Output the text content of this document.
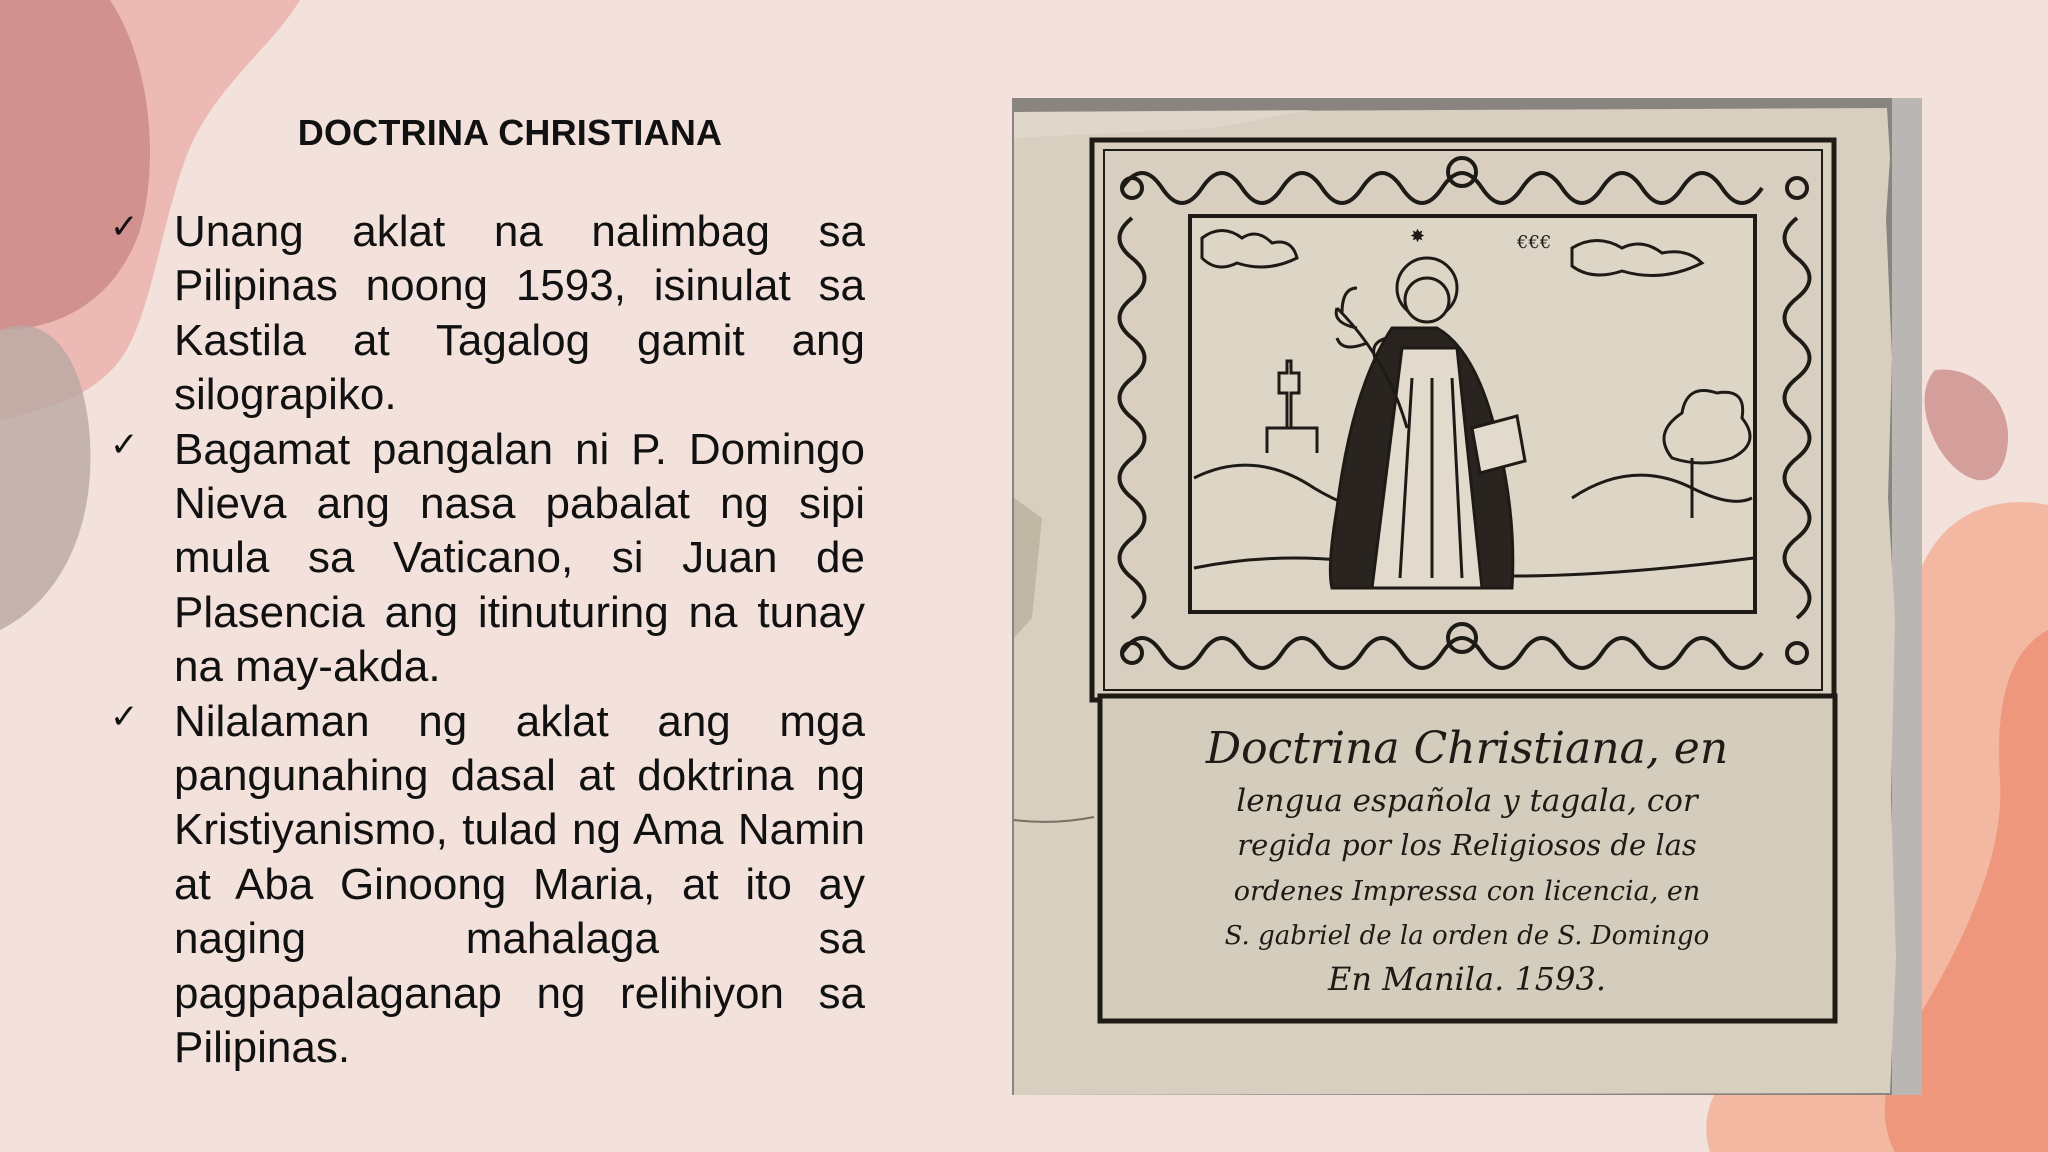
DOCTRINA CHRISTIANA
✓ Unang aklat na nalimbag sa Pilipinas noong 1593, isinulat sa Kastila at Tagalog gamit ang silograpiko.
✓ Bagamat pangalan ni P. Domingo Nieva ang nasa pabalat ng sipi mula sa Vaticano, si Juan de Plasencia ang itinuturing na tunay na may-akda.
✓ Nilalaman ng aklat ang mga pangunahing dasal at doktrina ng Kristiyanismo, tulad ng Ama Namin at Aba Ginoong Maria, at ito ay naging mahalaga sa pagpapalaganap ng relihiyon sa Pilipinas.
€€€
✸
Doctrina Christiana, en
lengua española y tagala, cor
regida por los Religiosos de las
ordenes Impressa con licencia, en
S. gabriel de la orden de S. Domingo
En Manila. 1593.
